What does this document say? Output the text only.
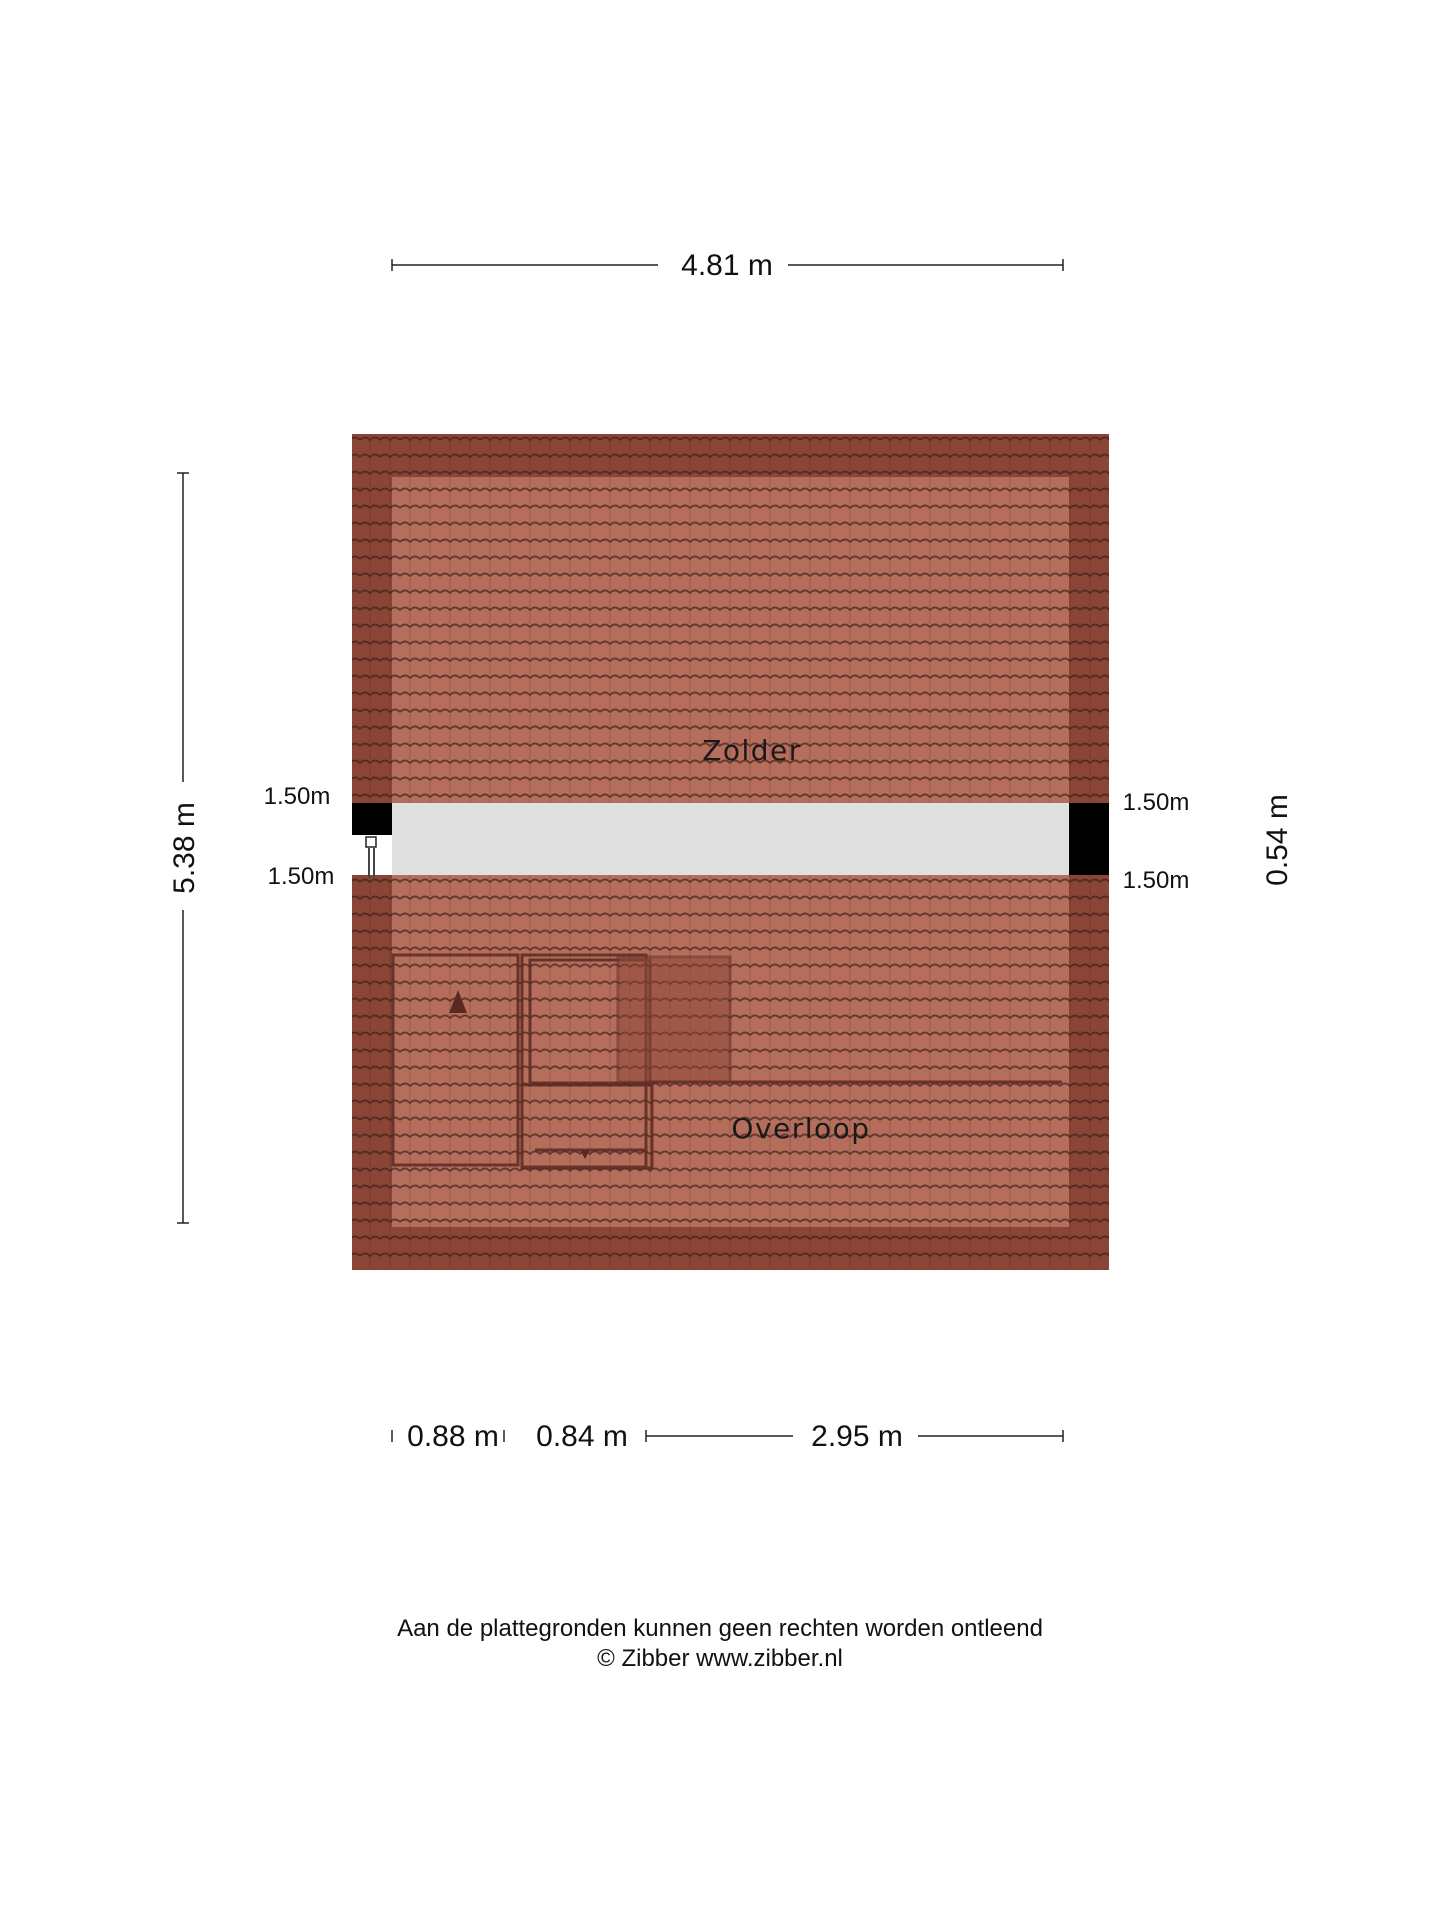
4.81 m
5.38 m	0.54 m
Zolder
Overloop
1.50m
1.50m
1.50m
1.50m
0.88 m 0.84 m	2.95 m
Aan de plattegronden kunnen geen rechten worden ontleend
© Zibber www.zibber.nl
